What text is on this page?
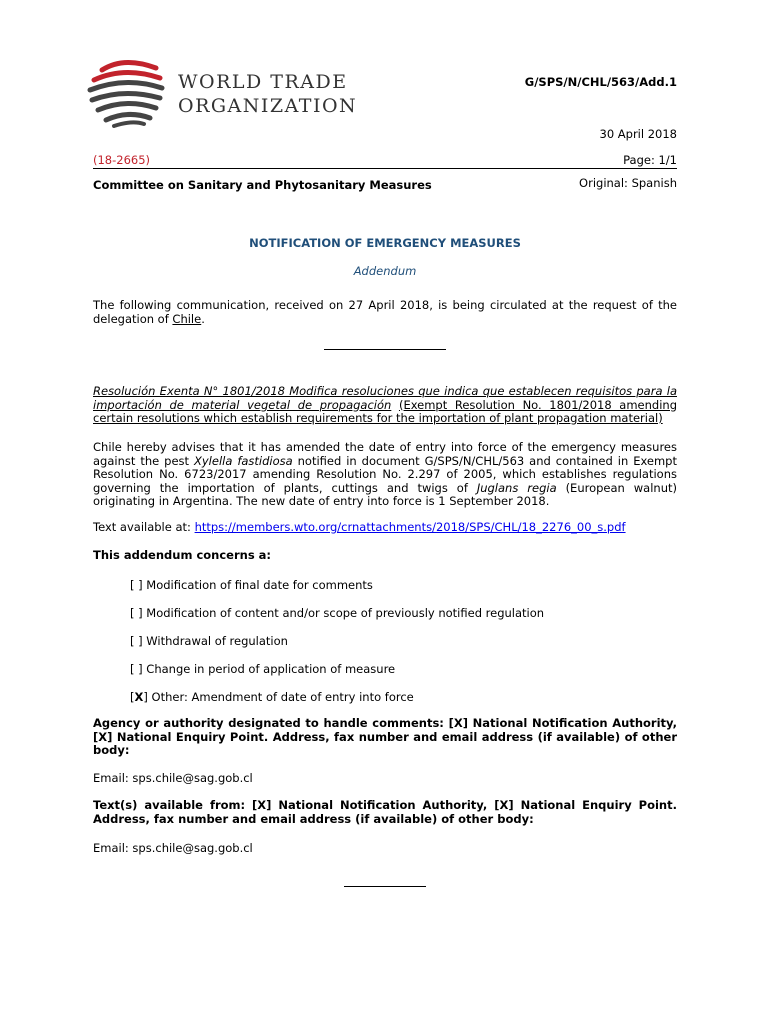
WORLD TRADE
ORGANIZATION
G/SPS/N/CHL/563/Add.1
30 April 2018
(18-2665)	Page: 1/1
Committee on Sanitary and Phytosanitary Measures	Original: Spanish
NOTIFICATION OF EMERGENCY MEASURES
Addendum
The following communication, received on 27 April 2018, is being circulated at the request of the delegation of Chile.
Resolución Exenta N° 1801/2018 Modifica resoluciones que indica que establecen requisitos para la importación de material vegetal de propagación (Exempt Resolution No. 1801/2018 amending certain resolutions which establish requirements for the importation of plant propagation material)
Chile hereby advises that it has amended the date of entry into force of the emergency measures against the pest Xylella fastidiosa notified in document G/SPS/N/CHL/563 and contained in Exempt Resolution No. 6723/2017 amending Resolution No. 2.297 of 2005, which establishes regulations governing the importation of plants, cuttings and twigs of Juglans regia (European walnut) originating in Argentina. The new date of entry into force is 1 September 2018.
Text available at: https://members.wto.org/crnattachments/2018/SPS/CHL/18_2276_00_s.pdf
This addendum concerns a:
[ ] Modification of final date for comments
[ ] Modification of content and/or scope of previously notified regulation
[ ] Withdrawal of regulation
[ ] Change in period of application of measure
[X] Other: Amendment of date of entry into force
Agency or authority designated to handle comments: [X] National Notification Authority, [X] National Enquiry Point. Address, fax number and email address (if available) of other body:
Email: sps.chile@sag.gob.cl
Text(s) available from: [X] National Notification Authority, [X] National Enquiry Point. Address, fax number and email address (if available) of other body:
Email: sps.chile@sag.gob.cl
